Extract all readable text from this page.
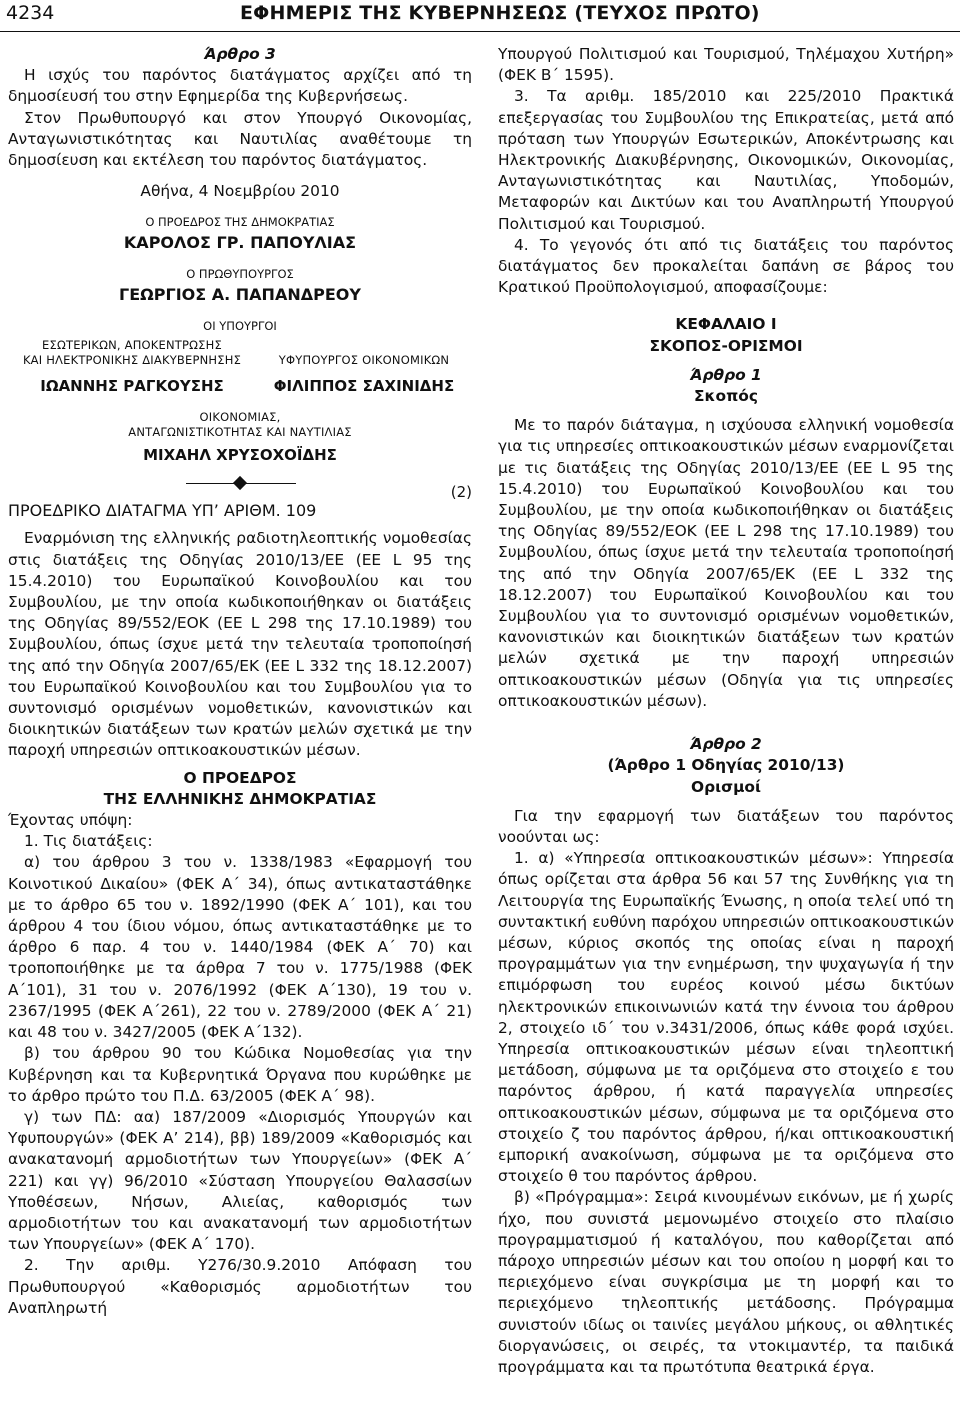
4234	ΕΦΗΜΕΡΙΣ ΤΗΣ ΚΥΒΕΡΝΗΣΕΩΣ (ΤΕΥΧΟΣ ΠΡΩΤΟ)

Άρθρο 3

Η ισχύς του παρόντος διατάγματος αρχίζει από τη δημοσίευσή του στην Εφημερίδα της Κυβερνήσεως.

Στον Πρωθυπουργό και στον Υπουργό Οικονομίας, Ανταγωνιστικότητας και Ναυτιλίας αναθέτουμε τη δημοσίευση και εκτέλεση του παρόντος διατάγματος.

Αθήνα, 4 Νοεμβρίου 2010

Ο ΠΡΟΕΔΡΟΣ ΤΗΣ ΔΗΜΟΚΡΑΤΙΑΣ

ΚΑΡΟΛΟΣ ΓΡ. ΠΑΠΟΥΛΙΑΣ

Ο ΠΡΩΘΥΠΟΥΡΓΟΣ

ΓΕΩΡΓΙΟΣ Α. ΠΑΠΑΝΔΡΕΟΥ

ΟΙ ΥΠΟΥΡΓΟΙ

ΕΣΩΤΕΡΙΚΩΝ, ΑΠΟΚΕΝΤΡΩΣΗΣ
ΚΑΙ ΗΛΕΚΤΡΟΝΙΚΗΣ ΔΙΑΚΥΒΕΡΝΗΣΗΣ
ΙΩΑΝΝΗΣ ΡΑΓΚΟΥΣΗΣ
ΥΦΥΠΟΥΡΓΟΣ ΟΙΚΟΝΟΜΙΚΩΝ
ΦΙΛΙΠΠΟΣ ΣΑΧΙΝΙΔΗΣ
ΟΙΚΟΝΟΜΙΑΣ,
ΑΝΤΑΓΩΝΙΣΤΙΚΟΤΗΤΑΣ ΚΑΙ ΝΑΥΤΙΛΙΑΣ
ΜΙΧΑΗΛ ΧΡΥΣΟΧΟΪΔΗΣ
ΠΡΟΕΔΡΙΚΟ ΔΙΑΤΑΓΜΑ ΥΠ’ ΑΡΙΘΜ. 109
(2)

Εναρμόνιση της ελληνικής ραδιοτηλεοπτικής νομοθεσίας στις διατάξεις της Οδηγίας 2010/13/ΕΕ (ΕΕ L 95 της 15.4.2010) του Ευρωπαϊκού Κοινοβουλίου και του Συμβουλίου, με την οποία κωδικοποιήθηκαν οι διατάξεις της Οδηγίας 89/552/ΕΟΚ (ΕΕ L 298 της 17.10.1989) του Συμβουλίου, όπως ίσχυε μετά την τελευταία τροποποίησή της από την Οδηγία 2007/65/ΕΚ (ΕΕ L 332 της 18.12.2007) του Ευρωπαϊκού Κοινοβουλίου και του Συμβουλίου για το συντονισμό ορισμένων νομοθετικών, κανονιστικών και διοικητικών διατάξεων των κρατών μελών σχετικά με την παροχή υπηρεσιών οπτικοακουστικών μέσων.

Ο ΠΡΟΕΔΡΟΣ

ΤΗΣ ΕΛΛΗΝΙΚΗΣ ΔΗΜΟΚΡΑΤΙΑΣ

Έχοντας υπόψη:

1. Τις διατάξεις:

α) του άρθρου 3 του ν. 1338/1983 «Εφαρμογή του Κοινοτικού Δικαίου» (ΦΕΚ Α΄ 34), όπως αντικαταστάθηκε με το άρθρο 65 του ν. 1892/1990 (ΦΕΚ Α΄ 101), και του άρθρου 4 του ίδιου νόμου, όπως αντικαταστάθηκε με το άρθρο 6 παρ. 4 του ν. 1440/1984 (ΦΕΚ Α΄ 70) και τροποποιήθηκε με τα άρθρα 7 του ν. 1775/1988 (ΦΕΚ Α΄101), 31 του ν. 2076/1992 (ΦΕΚ Α΄130), 19 του ν. 2367/1995 (ΦΕΚ Α΄261), 22 του ν. 2789/2000 (ΦΕΚ Α΄ 21) και 48 του ν. 3427/2005 (ΦΕΚ Α΄132).

β) του άρθρου 90 του Κώδικα Νομοθεσίας για την Κυβέρνηση και τα Κυβερνητικά Όργανα που κυρώθηκε με το άρθρο πρώτο του Π.Δ. 63/2005 (ΦΕΚ Α΄ 98).

γ) των ΠΔ: αα) 187/2009 «Διορισμός Υπουργών και Υφυπουργών» (ΦΕΚ Α’ 214), ββ) 189/2009 «Καθορισμός και ανακατανομή αρμοδιοτήτων των Υπουργείων» (ΦΕΚ Α΄ 221) και γγ) 96/2010 «Σύσταση Υπουργείου Θαλασσίων Υποθέσεων, Νήσων, Αλιείας, καθορισμός των αρμοδιοτήτων του και ανακατανομή των αρμοδιοτήτων των Υπουργείων» (ΦΕΚ Α΄ 170).

2. Την αριθμ. Υ276/30.9.2010 Απόφαση του Πρωθυπουργού «Καθορισμός αρμοδιοτήτων του Αναπληρωτή

Υπουργού Πολιτισμού και Τουρισμού, Τηλέμαχου Χυτήρη» (ΦΕΚ Β΄ 1595).

3. Τα αριθμ. 185/2010 και 225/2010 Πρακτικά επεξεργασίας του Συμβουλίου της Επικρατείας, μετά από πρόταση των Υπουργών Εσωτερικών, Αποκέντρωσης και Ηλεκτρονικής Διακυβέρνησης, Οικονομικών, Οικονομίας, Ανταγωνιστικότητας και Ναυτιλίας, Υποδομών, Μεταφορών και Δικτύων και του Αναπληρωτή Υπουργού Πολιτισμού και Τουρισμού.

4. Το γεγονός ότι από τις διατάξεις του παρόντος διατάγματος δεν προκαλείται δαπάνη σε βάρος του Κρατικού Προϋπολογισμού, αποφασίζουμε:

ΚΕΦΑΛΑΙΟ Ι

ΣΚΟΠΟΣ-ΟΡΙΣΜΟΙ

Άρθρο 1

Σκοπός

Με το παρόν διάταγμα, η ισχύουσα ελληνική νομοθεσία για τις υπηρεσίες οπτικοακουστικών μέσων εναρμονίζεται με τις διατάξεις της Οδηγίας 2010/13/ΕΕ (ΕΕ L 95 της 15.4.2010) του Ευρωπαϊκού Κοινοβουλίου και του Συμβουλίου, με την οποία κωδικοποιήθηκαν οι διατάξεις της Οδηγίας 89/552/ΕΟΚ (ΕΕ L 298 της 17.10.1989) του Συμβουλίου, όπως ίσχυε μετά την τελευταία τροποποίησή της από την Οδηγία 2007/65/ΕΚ (ΕΕ L 332 της 18.12.2007) του Ευρωπαϊκού Κοινοβουλίου και του Συμβουλίου για το συντονισμό ορισμένων νομοθετικών, κανονιστικών και διοικητικών διατάξεων των κρατών μελών σχετικά με την παροχή υπηρεσιών οπτικοακουστικών μέσων (Οδηγία για τις υπηρεσίες οπτικοακουστικών μέσων).

Άρθρο 2

(Άρθρο 1 Οδηγίας 2010/13)

Ορισμοί

Για την εφαρμογή των διατάξεων του παρόντος νοούνται ως:

1. α) «Υπηρεσία οπτικοακουστικών μέσων»: Υπηρεσία όπως ορίζεται στα άρθρα 56 και 57 της Συνθήκης για τη Λειτουργία της Ευρωπαϊκής Ένωσης, η οποία τελεί υπό τη συντακτική ευθύνη παρόχου υπηρεσιών οπτικοακουστικών μέσων, κύριος σκοπός της οποίας είναι η παροχή προγραμμάτων για την ενημέρωση, την ψυχαγωγία ή την επιμόρφωση του ευρέος κοινού μέσω δικτύων ηλεκτρονικών επικοινωνιών κατά την έννοια του άρθρου 2, στοιχείο ιδ΄ του ν.3431/2006, όπως κάθε φορά ισχύει. Υπηρεσία οπτικοακουστικών μέσων είναι τηλεοπτική μετάδοση, σύμφωνα με τα οριζόμενα στο στοιχείο ε του παρόντος άρθρου, ή κατά παραγγελία υπηρεσίες οπτικοακουστικών μέσων, σύμφωνα με τα οριζόμενα στο στοιχείο ζ του παρόντος άρθρου, ή/και οπτικοακουστική εμπορική ανακοίνωση, σύμφωνα με τα οριζόμενα στο στοιχείο θ του παρόντος άρθρου.

β) «Πρόγραμμα»: Σειρά κινουμένων εικόνων, με ή χωρίς ήχο, που συνιστά μεμονωμένο στοιχείο στο πλαίσιο προγραμματισμού ή καταλόγου, που καθορίζεται από πάροχο υπηρεσιών μέσων και του οποίου η μορφή και το περιεχόμενο είναι συγκρίσιμα με τη μορφή και το περιεχόμενο τηλεοπτικής μετάδοσης. Πρόγραμμα συνιστούν ιδίως οι ταινίες μεγάλου μήκους, οι αθλητικές διοργανώσεις, οι σειρές, τα ντοκιμαντέρ, τα παιδικά προγράμματα και τα πρωτότυπα θεατρικά έργα.
